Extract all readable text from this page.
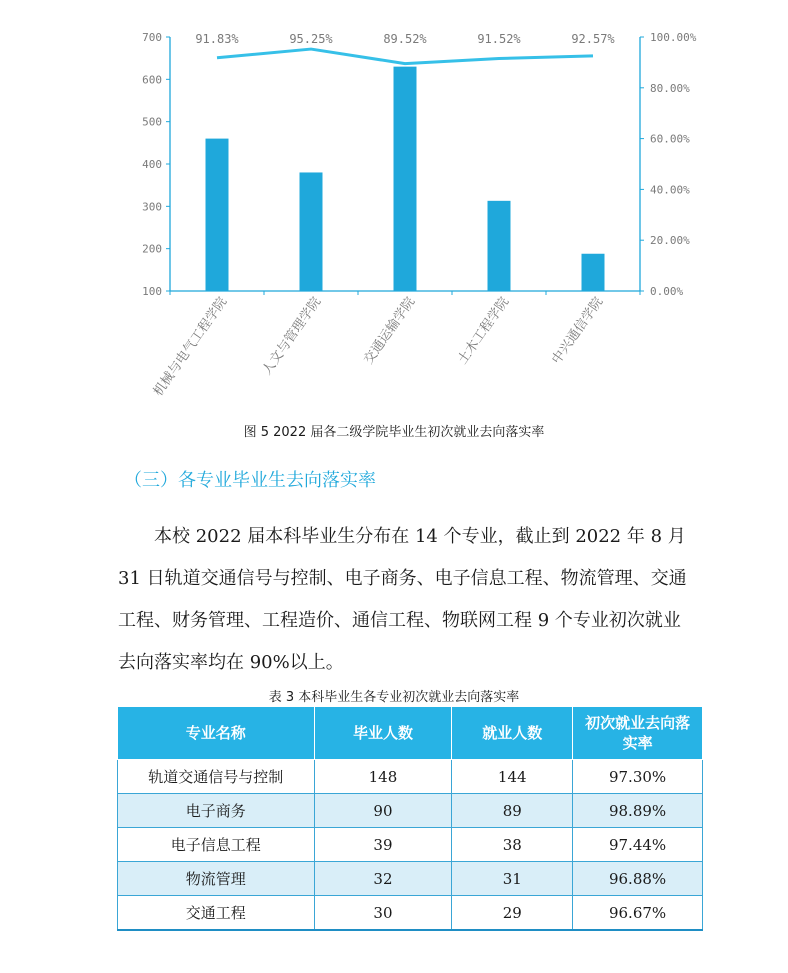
100
200
300
400
500
600
700
0.00%
20.00%
40.00%
60.00%
80.00%
100.00%
91.83%	95.25%	89.52%	91.52%	92.57%
机械与电气工程学院 人文与管理学院	交通运输学院	土木工程学院	中兴通信学院
图 5 2022 届各二级学院毕业生初次就业去向落实率
（三）各专业毕业生去向落实率
本校 2022 届本科毕业生分布在 14 个专业，截止到 2022 年 8 月 31 日轨道交通信号与控制、电子商务、电子信息工程、物流管理、交通工程、财务管理、工程造价、通信工程、物联网工程 9 个专业初次就业去向落实率均在 90%以上。
表 3 本科毕业生各专业初次就业去向落实率
专业名称	毕业人数	就业人数	初次就业去向落实率
轨道交通信号与控制	148	144	97.30%
电子商务	90	89	98.89%
电子信息工程	39	38	97.44%
物流管理	32	31	96.88%
交通工程	30	29	96.67%
